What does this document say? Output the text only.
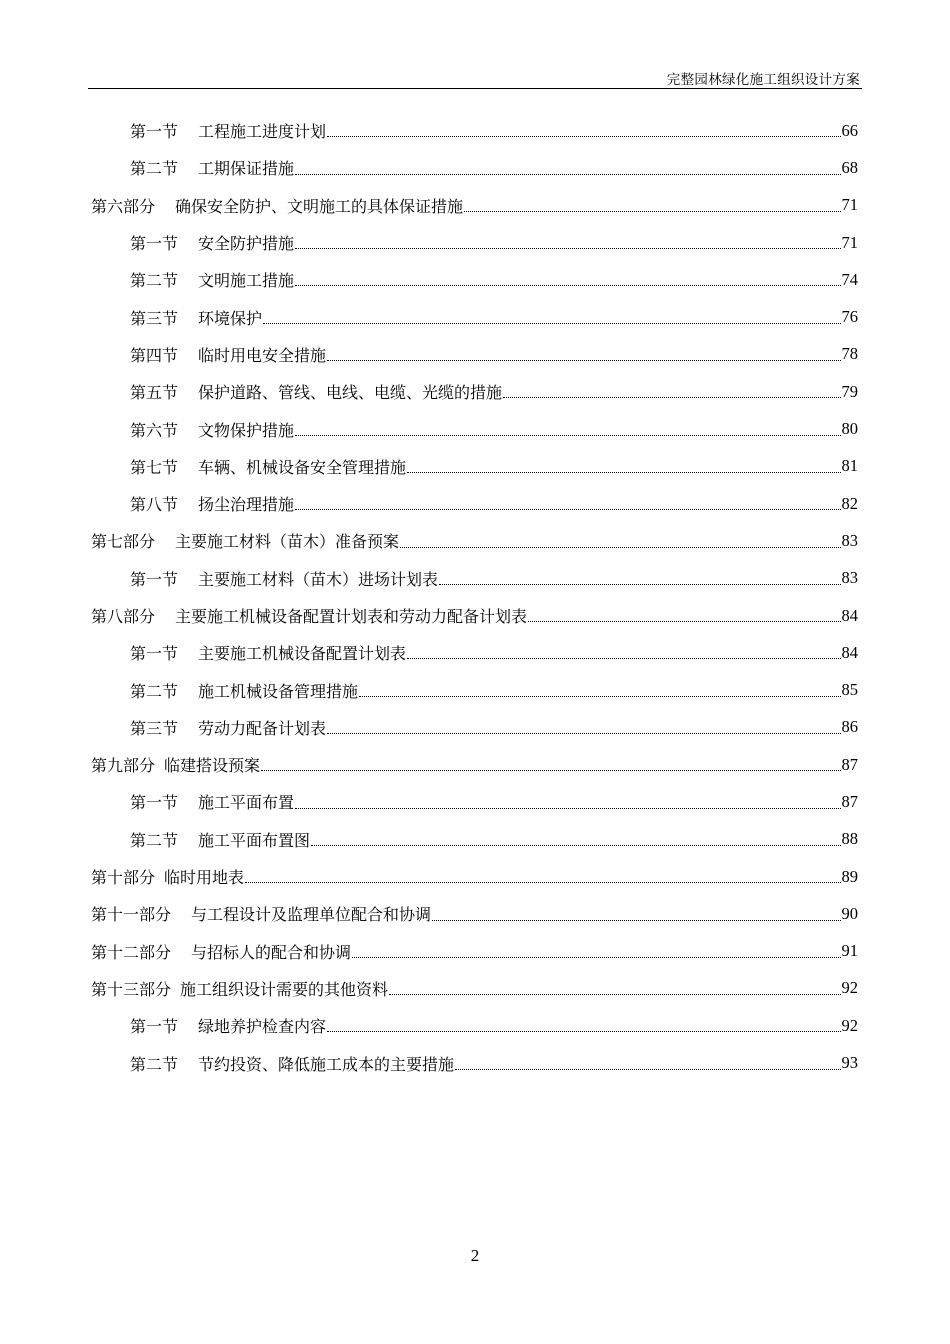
完整园林绿化施工组织设计方案
第一节 工程施工进度计划	66
第二节 工期保证措施	68
第六部分 确保安全防护、文明施工的具体保证措施	71
第一节 安全防护措施	71
第二节 文明施工措施	74
第三节 环境保护	76
第四节 临时用电安全措施	78
第五节 保护道路、管线、电线、电缆、光缆的措施	79
第六节 文物保护措施	80
第七节 车辆、机械设备安全管理措施	81
第八节 扬尘治理措施	82
第七部分 主要施工材料（苗木）准备预案	83
第一节 主要施工材料（苗木）进场计划表	83
第八部分 主要施工机械设备配置计划表和劳动力配备计划表	84
第一节 主要施工机械设备配置计划表	84
第二节 施工机械设备管理措施	85
第三节 劳动力配备计划表	86
第九部分 临建搭设预案	87
第一节 施工平面布置	87
第二节 施工平面布置图	88
第十部分 临时用地表	89
第十一部分 与工程设计及监理单位配合和协调	90
第十二部分 与招标人的配合和协调	91
第十三部分 施工组织设计需要的其他资料	92
第一节 绿地养护检查内容	92
第二节 节约投资、降低施工成本的主要措施	93
2
